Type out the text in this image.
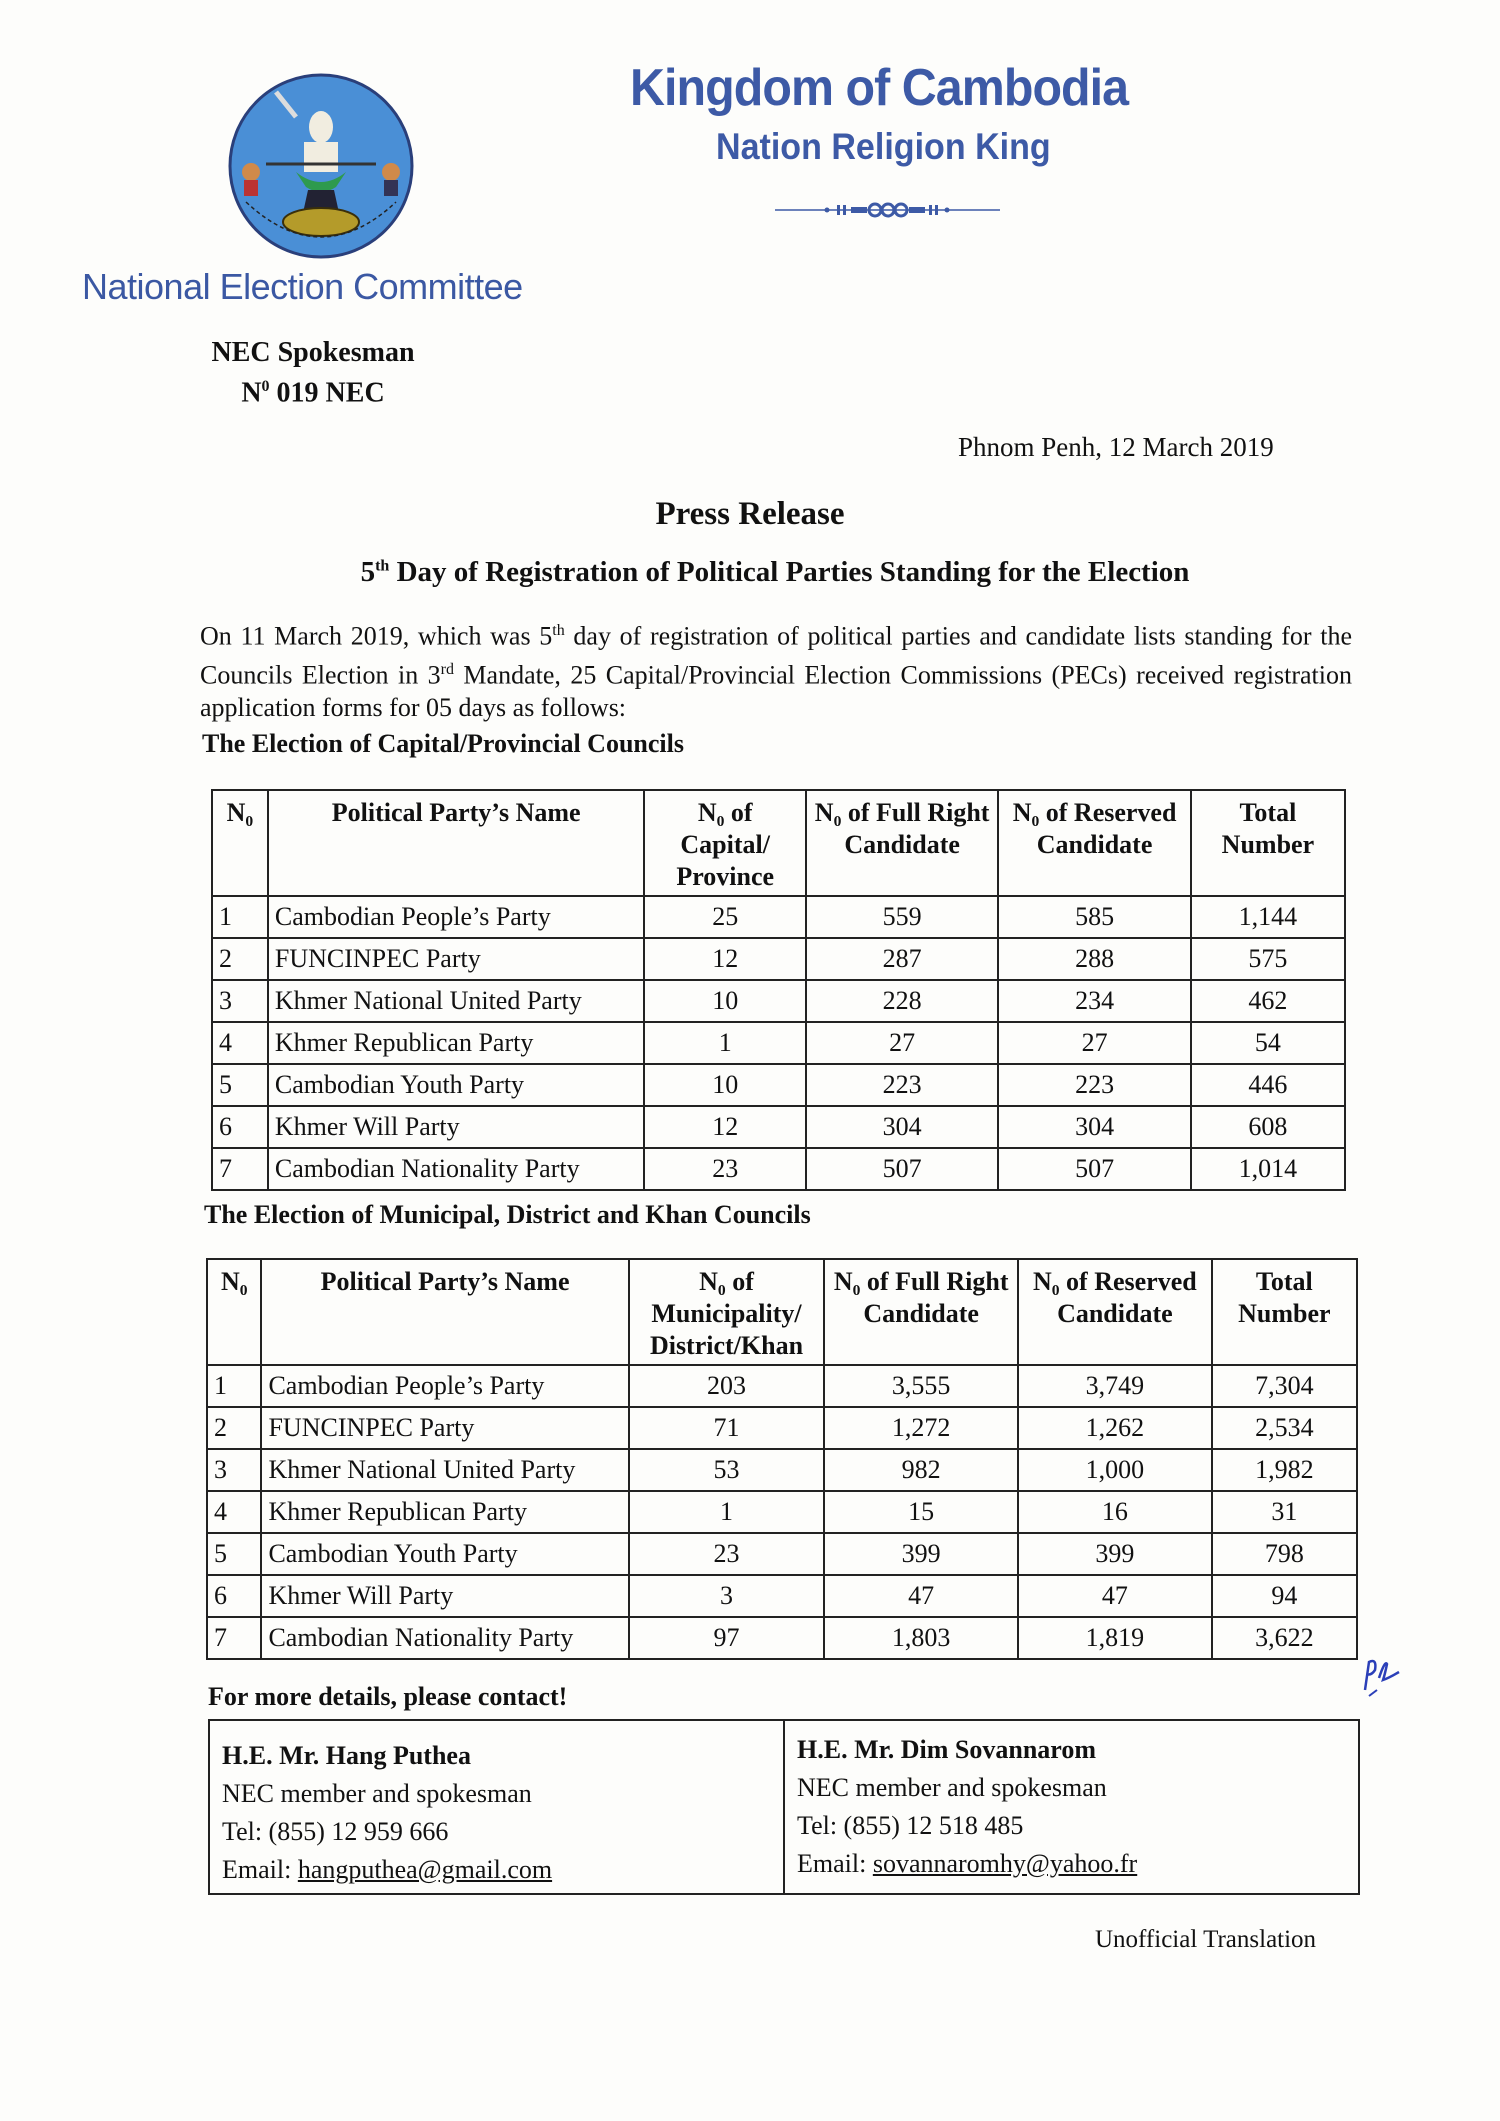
National Election Committee
Kingdom of Cambodia
Nation Religion King
NEC Spokesman
$N^0$ 019 NEC
Phnom Penh, 12 March 2019
Press Release
5th Day of Registration of Political Parties Standing for the Election
On 11 March 2019, which was 5th day of registration of political parties and candidate lists standing for the Councils Election in 3rd Mandate, 25 Capital/Provincial Election Commissions (PECs) received registration application forms for 05 days as follows:
The Election of Capital/Provincial Councils
N₀	Political Party’s Name	N₀ of Capital/ Province	N₀ of Full Right Candidate	N₀ of Reserved Candidate	Total Number
1	Cambodian People’s Party	25	559	585	1,144
2	FUNCINPEC Party	12	287	288	575
3	Khmer National United Party	10	228	234	462
4	Khmer Republican Party	1	27	27	54
5	Cambodian Youth Party	10	223	223	446
6	Khmer Will Party	12	304	304	608
7	Cambodian Nationality Party	23	507	507	1,014
The Election of Municipal, District and Khan Councils
N₀	Political Party’s Name	N₀ of Municipality/ District/Khan	N₀ of Full Right Candidate	N₀ of Reserved Candidate	Total Number
1	Cambodian People’s Party	203	3,555	3,749	7,304
2	FUNCINPEC Party	71	1,272	1,262	2,534
3	Khmer National United Party	53	982	1,000	1,982
4	Khmer Republican Party	1	15	16	31
5	Cambodian Youth Party	23	399	399	798
6	Khmer Will Party	3	47	47	94
7	Cambodian Nationality Party	97	1,803	1,819	3,622
For more details, please contact!
H.E. Mr. Hang Puthea
NEC member and spokesman
Tel: (855) 12 959 666
Email: hangputhea@gmail.com

H.E. Mr. Dim Sovannarom
NEC member and spokesman
Tel: (855) 12 518 485
Email: sovannaromhy@yahoo.fr
Unofficial Translation
